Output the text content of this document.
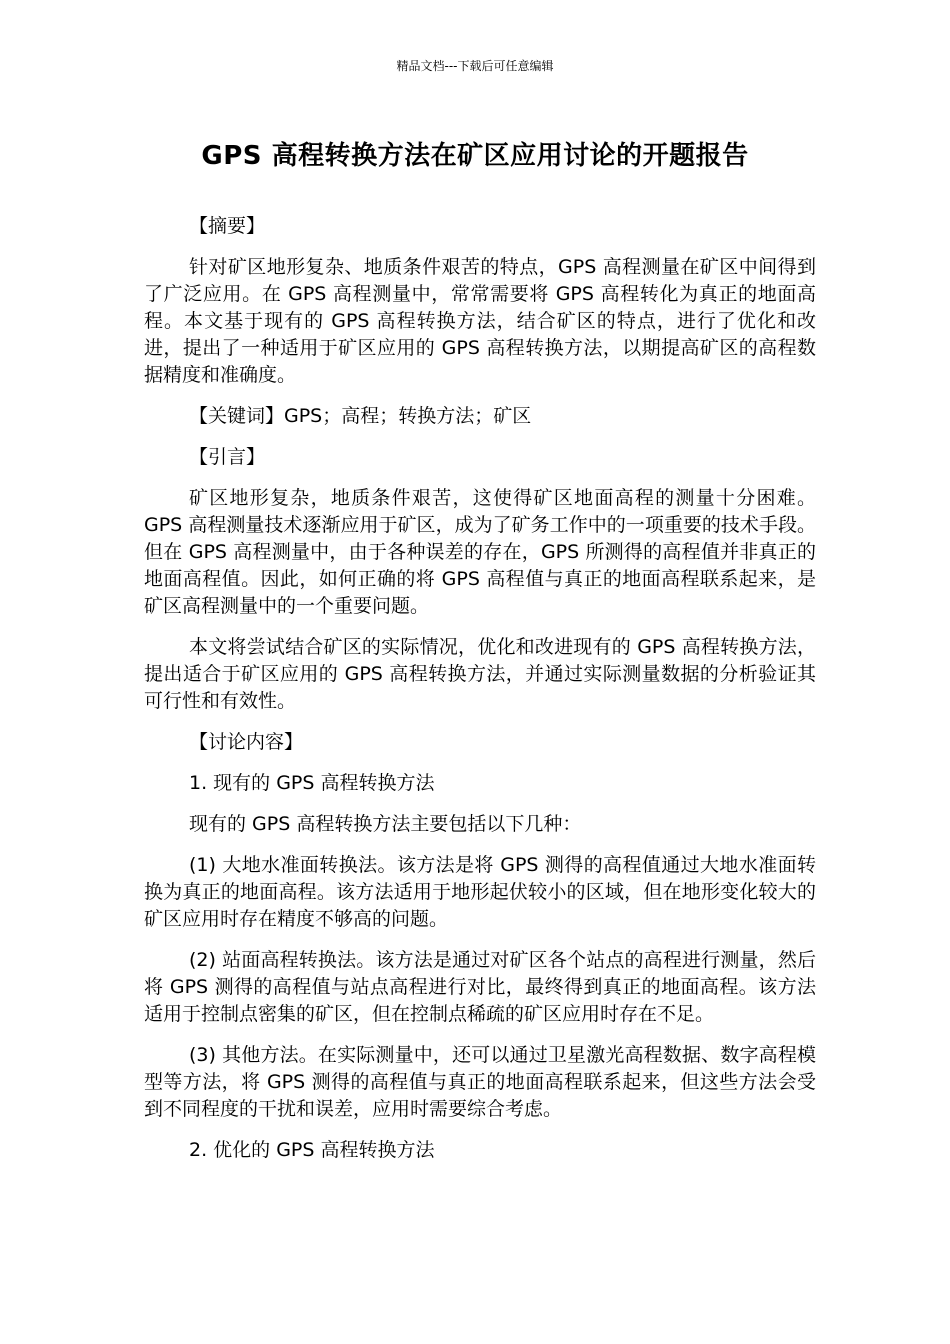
精品文档---下载后可任意编辑
GPS 高程转换方法在矿区应用讨论的开题报告

【摘要】

针对矿区地形复杂、地质条件艰苦的特点，GPS 高程测量在矿区中间得到了广泛应用。在 GPS 高程测量中，常常需要将 GPS 高程转化为真正的地面高程。本文基于现有的 GPS 高程转换方法，结合矿区的特点，进行了优化和改进，提出了一种适用于矿区应用的 GPS 高程转换方法，以期提高矿区的高程数据精度和准确度。

【关键词】GPS；高程；转换方法；矿区

【引言】

矿区地形复杂，地质条件艰苦，这使得矿区地面高程的测量十分困难。GPS 高程测量技术逐渐应用于矿区，成为了矿务工作中的一项重要的技术手段。但在 GPS 高程测量中，由于各种误差的存在，GPS 所测得的高程值并非真正的地面高程值。因此，如何正确的将 GPS 高程值与真正的地面高程联系起来，是矿区高程测量中的一个重要问题。

本文将尝试结合矿区的实际情况，优化和改进现有的 GPS 高程转换方法，提出适合于矿区应用的 GPS 高程转换方法，并通过实际测量数据的分析验证其可行性和有效性。

【讨论内容】

1. 现有的 GPS 高程转换方法

现有的 GPS 高程转换方法主要包括以下几种：

(1) 大地水准面转换法。该方法是将 GPS 测得的高程值通过大地水准面转换为真正的地面高程。该方法适用于地形起伏较小的区域，但在地形变化较大的矿区应用时存在精度不够高的问题。

(2) 站面高程转换法。该方法是通过对矿区各个站点的高程进行测量，然后将 GPS 测得的高程值与站点高程进行对比，最终得到真正的地面高程。该方法适用于控制点密集的矿区，但在控制点稀疏的矿区应用时存在不足。

(3) 其他方法。在实际测量中，还可以通过卫星激光高程数据、数字高程模型等方法，将 GPS 测得的高程值与真正的地面高程联系起来，但这些方法会受到不同程度的干扰和误差，应用时需要综合考虑。

2. 优化的 GPS 高程转换方法
